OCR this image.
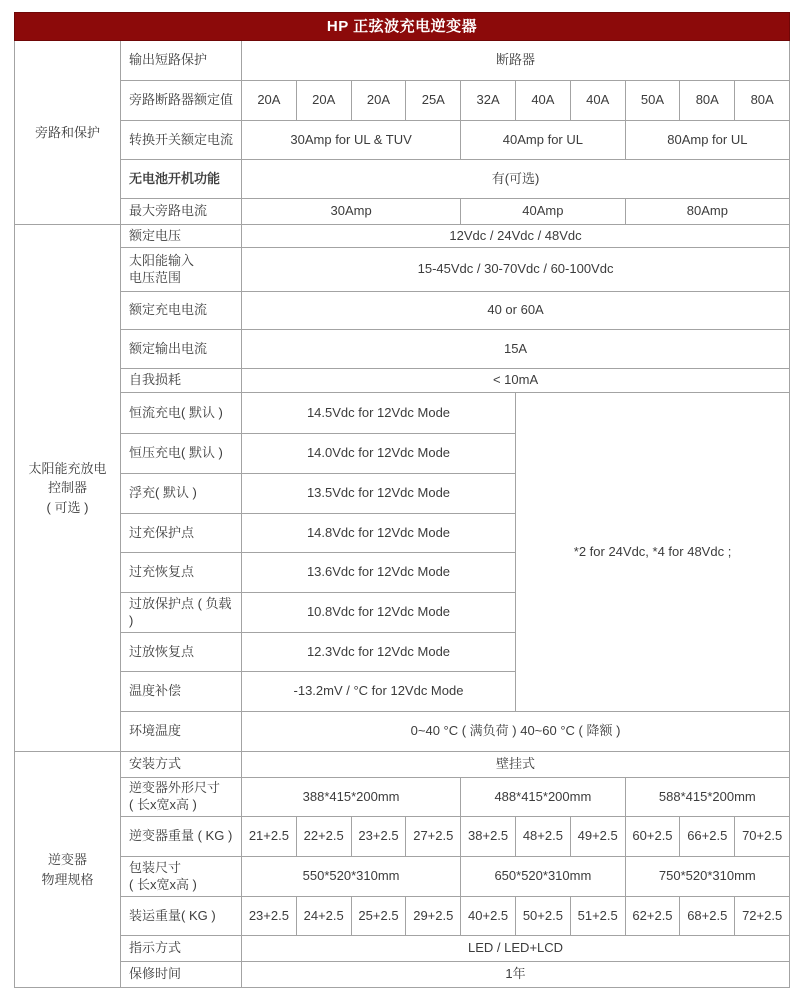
HP 正弦波充电逆变器											
旁路和保护	输出短路保护	断路器									
	旁路断路器额定值	20A	20A	20A	25A	32A	40A	40A	50A	80A	80A
	转换开关额定电流	30Amp for UL & TUV				40Amp for UL			80Amp for UL		
	无电池开机功能	有(可选)									
	最大旁路电流	30Amp				40Amp			80Amp		

太阳能充放电
控制器
( 可选 )	额定电压	12Vdc / 24Vdc / 48Vdc									

	太阳能输入
电压范围	15-45Vdc / 30-70Vdc / 60-100Vdc									
	额定充电电流	40 or 60A									
	额定输出电流	15A									
	自我损耗	< 10mA									
	恒流充电( 默认 )	14.5Vdc for 12Vdc Mode					*2 for 24Vdc, *4 for 48Vdc ;				
	恒压充电( 默认 )	14.0Vdc for 12Vdc Mode									
	浮充( 默认 )	13.5Vdc for 12Vdc Mode									
	过充保护点	14.8Vdc for 12Vdc Mode									
	过充恢复点	13.6Vdc for 12Vdc Mode									
	过放保护点 ( 负载 )	10.8Vdc for 12Vdc Mode									
	过放恢复点	12.3Vdc for 12Vdc Mode									
	温度补偿	-13.2mV / °C for 12Vdc Mode									
	环境温度	0~40 °C ( 满负荷 ) 40~60 °C ( 降额 )									

逆变器
物理规格	安装方式	壁挂式									

	逆变器外形尺寸
( 长x宽x高 )	388*415*200mm				488*415*200mm			588*415*200mm		
	逆变器重量 ( KG )	21+2.5	22+2.5	23+2.5	27+2.5	38+2.5	48+2.5	49+2.5	60+2.5	66+2.5	70+2.5

	包装尺寸
( 长x宽x高 )	550*520*310mm				650*520*310mm			750*520*310mm		
	装运重量( KG )	23+2.5	24+2.5	25+2.5	29+2.5	40+2.5	50+2.5	51+2.5	62+2.5	68+2.5	72+2.5
	指示方式	LED / LED+LCD									
	保修时间	1年									
